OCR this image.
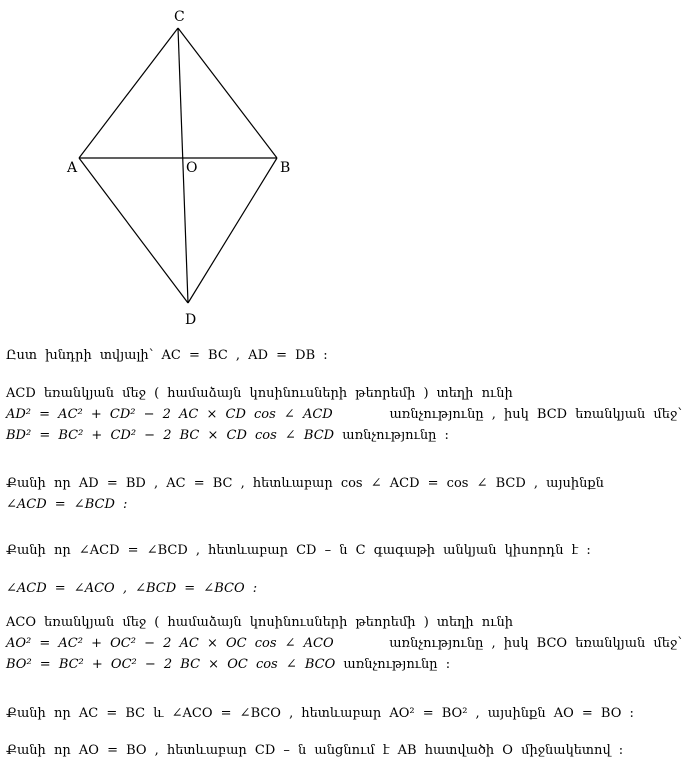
C
A	O	B
D
Ըստ խնդրի տվյալի՝ AC = BC , AD = DB :
ACD եռանկյան մեջ ( համաձայն կոսինուսների թեորեմի ) տեղի ունի
AD² = AC² + CD² − 2 AC × CD cos ∠ ACD	առնչությունը , իսկ BCD եռանկյան մեջ՝
BD² = BC² + CD² − 2 BC × CD cos ∠ BCD առնչությունը :
Քանի որ AD = BD , AC = BC , հետևաբար cos ∠ ACD = cos ∠ BCD , այսինքն
∠ACD = ∠BCD :
Քանի որ ∠ACD = ∠BCD , հետևաբար CD – ն C գագաթի անկյան կիսորդն է :
∠ACD = ∠ACO , ∠BCD = ∠BCO :
ACO եռանկյան մեջ ( համաձայն կոսինուսների թեորեմի ) տեղի ունի
AO² = AC² + OC² − 2 AC × OC cos ∠ ACO	առնչությունը , իսկ BCO եռանկյան մեջ՝
BO² = BC² + OC² − 2 BC × OC cos ∠ BCO առնչությունը :
Քանի որ AC = BC և ∠ACO = ∠BCO , հետևաբար AO² = BO² , այսինքն AO = BO :
Քանի որ AO = BO , հետևաբար CD – ն անցնում է AB հատվածի O միջնակետով :
